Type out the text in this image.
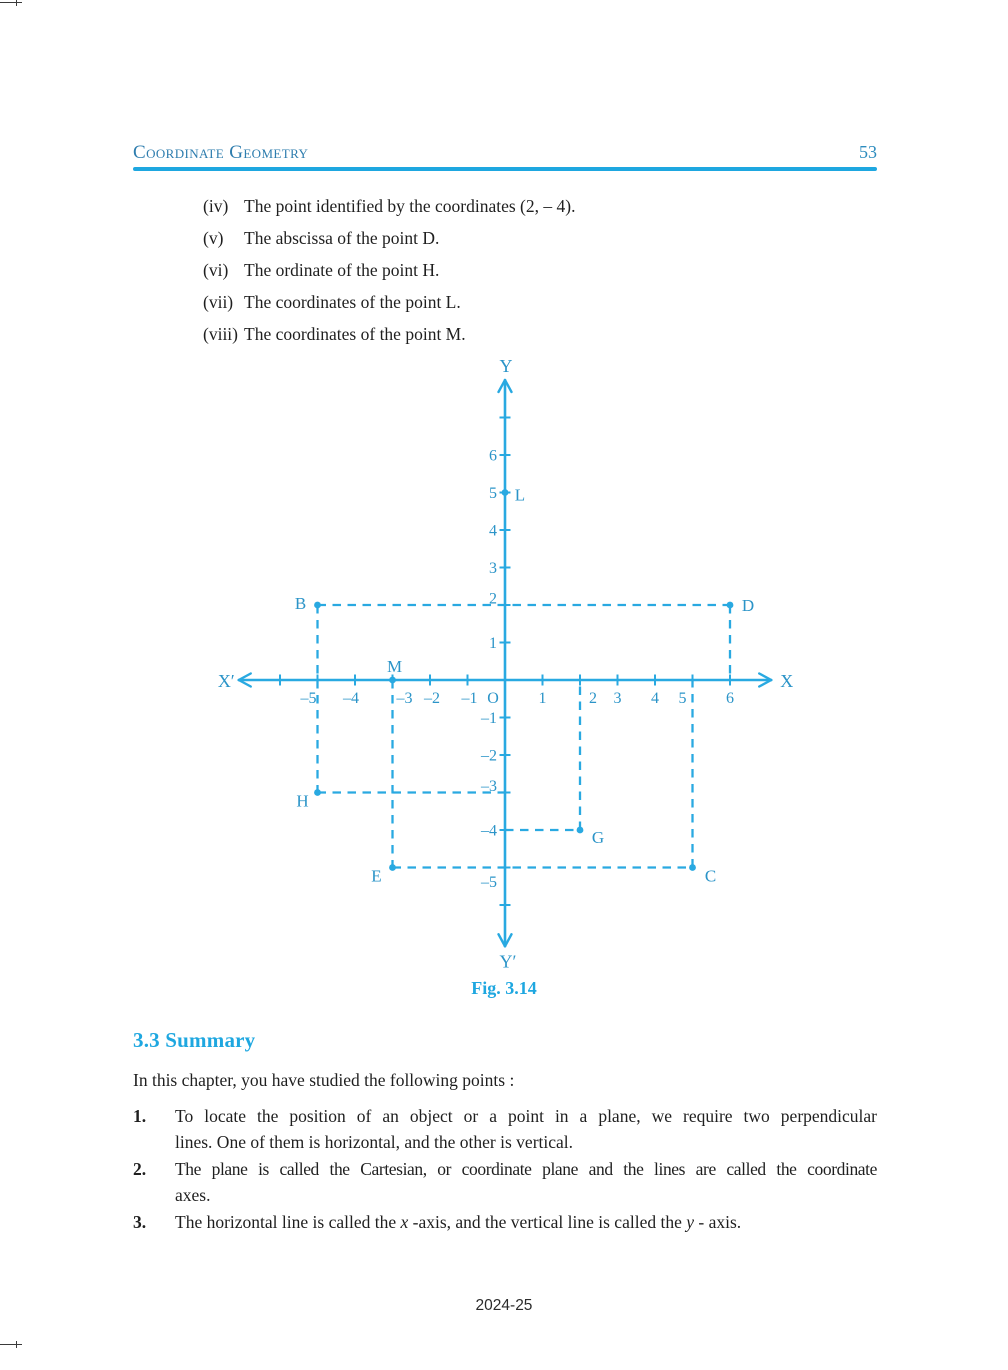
Coordinate Geometry	53
(iv) The point identified by the coordinates (2, – 4).
(v)	The abscissa of the point D.
(vi) The ordinate of the point H.
(vii) The coordinates of the point L.
(viii) The coordinates of the point M.
–5 –4 –3 –2 –1	1	2 3 4 5 6
6
5
4
3
2
1
–1
–2
–3
–4
–5
O
X
X′
Y
Y′
L
B	D
M
H
G
E	C
Fig. 3.14
3.3 Summary
In this chapter, you have studied the following points :
1. To locate the position of an object or a point in a plane, we require two perpendicular
lines. One of them is horizontal, and the other is vertical.
2. The plane is called the Cartesian, or coordinate plane and the lines are called the coordinate
axes.
3. The horizontal line is called the x -axis, and the vertical line is called the y - axis.
2024-25
